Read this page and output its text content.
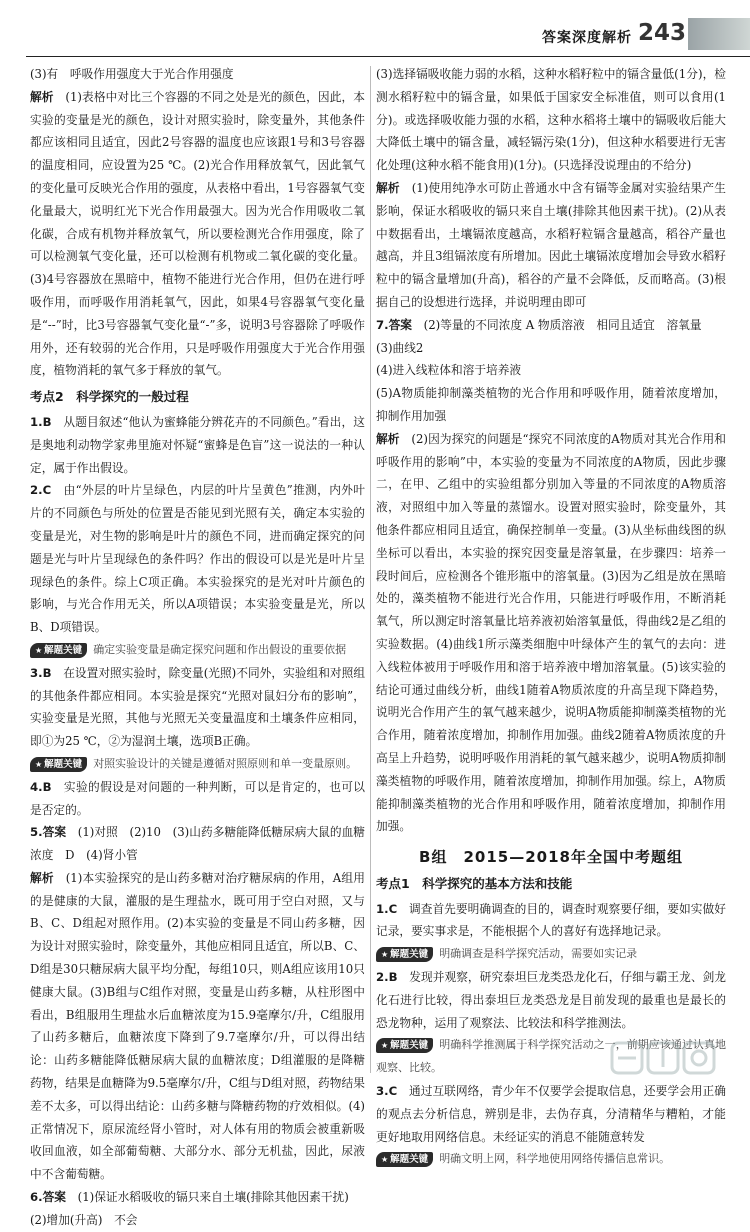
答案深度解析 243
(3)有　呼吸作用强度大于光合作用强度
解析　(1)表格中对比三个容器的不同之处是光的颜色，因此，本实验的变量是光的颜色，设计对照实验时，除变量外，其他条件都应该相同且适宜，因此2号容器的温度也应该跟1号和3号容器的温度相同，应设置为25 ℃。(2)光合作用释放氧气，因此氧气的变化量可反映光合作用的强度，从表格中看出，1号容器氧气变化量最大，说明红光下光合作用最强大。因为光合作用吸收二氧化碳，合成有机物并释放氧气，所以要检测光合作用强度，除了可以检测氧气变化量，还可以检测有机物或二氧化碳的变化量。(3)4号容器放在黑暗中，植物不能进行光合作用，但仍在进行呼吸作用，而呼吸作用消耗氧气，因此，如果4号容器氧气变化量是“--”时，比3号容器氧气变化量“-”多，说明3号容器除了呼吸作用外，还有较弱的光合作用，只是呼吸作用强度大于光合作用强度，植物消耗的氧气多于释放的氧气。
考点2　科学探究的一般过程
1.B　从题目叙述“他认为蜜蜂能分辨花卉的不同颜色。”看出，这是奥地利动物学家弗里施对怀疑“蜜蜂是色盲”这一说法的一种认定，属于作出假设。
2.C　由“外层的叶片呈绿色，内层的叶片呈黄色”推测，内外叶片的不同颜色与所处的位置是否能见到光照有关，确定本实验的变量是光，对生物的影响是叶片的颜色不同，进而确定探究的问题是光与叶片呈现绿色的条件吗？作出的假设可以是光是叶片呈现绿色的条件。综上C项正确。本实验探究的是光对叶片颜色的影响，与光合作用无关，所以A项错误；本实验变量是光，所以B、D项错误。
★ 解题关键 确定实验变量是确定探究问题和作出假设的重要依据
3.B　在设置对照实验时，除变量(光照)不同外，实验组和对照组的其他条件都应相同。本实验是探究“光照对鼠妇分布的影响”，实验变量是光照，其他与光照无关变量温度和土壤条件应相同，即①为25 ℃，②为湿润土壤，选项B正确。
★ 解题关键 对照实验设计的关键是遵循对照原则和单一变量原则。
4.B　实验的假设是对问题的一种判断，可以是肯定的，也可以是否定的。
5.答案　(1)对照　(2)10　(3)山药多糖能降低糖尿病大鼠的血糖浓度　D　(4)肾小管
解析　(1)本实验探究的是山药多糖对治疗糖尿病的作用，A组用的是健康的大鼠，灌服的是生理盐水，既可用于空白对照，又与B、C、D组起对照作用。(2)本实验的变量是不同山药多糖，因为设计对照实验时，除变量外，其他应相同且适宜，所以B、C、D组是30只糖尿病大鼠平均分配，每组10只，则A组应该用10只健康大鼠。(3)B组与C组作对照，变量是山药多糖，从柱形图中看出，B组服用生理盐水后血糖浓度为15.9毫摩尔/升，C组服用了山药多糖后，血糖浓度下降到了9.7毫摩尔/升，可以得出结论：山药多糖能降低糖尿病大鼠的血糖浓度；D组灌服的是降糖药物，结果是血糖降为9.5毫摩尔/升，C组与D组对照，药物结果差不太多，可以得出结论：山药多糖与降糖药物的疗效相似。(4)正常情况下，原尿流经肾小管时，对人体有用的物质会被重新吸收回血液，如全部葡萄糖、大部分水、部分无机盐，因此，尿液中不含葡萄糖。
6.答案　(1)保证水稻吸收的镉只来自土壤(排除其他因素干扰)
(2)增加(升高)　不会
(3)选择镉吸收能力弱的水稻，这种水稻籽粒中的镉含量低(1分)，检测水稻籽粒中的镉含量，如果低于国家安全标准值，则可以食用(1分)。或选择吸收能力强的水稻，这种水稻将土壤中的镉吸收后能大大降低土壤中的镉含量，减轻镉污染(1分)，但这种水稻要进行无害化处理(这种水稻不能食用)(1分)。(只选择没说理由的不给分)
解析　(1)使用纯净水可防止普通水中含有镉等金属对实验结果产生影响，保证水稻吸收的镉只来自土壤(排除其他因素干扰)。(2)从表中数据看出，土壤镉浓度越高，水稻籽粒镉含量越高，稻谷产量也越高，并且3组镉浓度有所增加。因此土壤镉浓度增加会导致水稻籽粒中的镉含量增加(升高)，稻谷的产量不会降低，反而略高。(3)根据自己的设想进行选择，并说明理由即可
7.答案　(2)等量的不同浓度 A 物质溶液　相同且适宜　溶氧量
(3)曲线2
(4)进入线粒体和溶于培养液
(5)A物质能抑制藻类植物的光合作用和呼吸作用，随着浓度增加，抑制作用加强
解析　(2)因为探究的问题是“探究不同浓度的A物质对其光合作用和呼吸作用的影响”中，本实验的变量为不同浓度的A物质，因此步骤二，在甲、乙组中的实验组都分别加入等量的不同浓度的A物质溶液，对照组中加入等量的蒸馏水。设置对照实验时，除变量外，其他条件都应相同且适宜，确保控制单一变量。(3)从坐标曲线图的纵坐标可以看出，本实验的探究因变量是溶氧量，在步骤四：培养一段时间后，应检测各个锥形瓶中的溶氧量。(3)因为乙组是放在黑暗处的，藻类植物不能进行光合作用，只能进行呼吸作用，不断消耗氧气，所以测定时溶氧量比培养液初始溶氧量低，得曲线2是乙组的实验数据。(4)曲线1所示藻类细胞中叶绿体产生的氧气的去向：进入线粒体被用于呼吸作用和溶于培养液中增加溶氧量。(5)该实验的结论可通过曲线分析，曲线1随着A物质浓度的升高呈现下降趋势，说明光合作用产生的氧气越来越少，说明A物质能抑制藻类植物的光合作用，随着浓度增加，抑制作用加强。曲线2随着A物质浓度的升高呈上升趋势，说明呼吸作用消耗的氧气越来越少，说明A物质抑制藻类植物的呼吸作用，随着浓度增加，抑制作用加强。综上，A物质能抑制藻类植物的光合作用和呼吸作用，随着浓度增加，抑制作用加强。
B组　2015—2018年全国中考题组
考点1　科学探究的基本方法和技能
1.C　调查首先要明确调查的目的，调查时观察要仔细，要如实做好记录，要实事求是，不能根据个人的喜好有选择地记录。
★ 解题关键 明确调查是科学探究活动，需要如实记录
2.B　发现并观察，研究泰坦巨龙类恐龙化石，仔细与霸王龙、剑龙化石进行比较，得出泰坦巨龙类恐龙是目前发现的最重也是最长的恐龙物种，运用了观察法、比较法和科学推测法。
★ 解题关键 明确科学推测属于科学探究活动之一，前期应该通过认真地观察、比较。
3.C　通过互联网络，青少年不仅要学会提取信息，还要学会用正确的观点去分析信息，辨别是非，去伪存真，分清精华与糟粕，才能更好地取用网络信息。未经证实的消息不能随意转发
★ 解题关键 明确文明上网，科学地使用网络传播信息常识。
